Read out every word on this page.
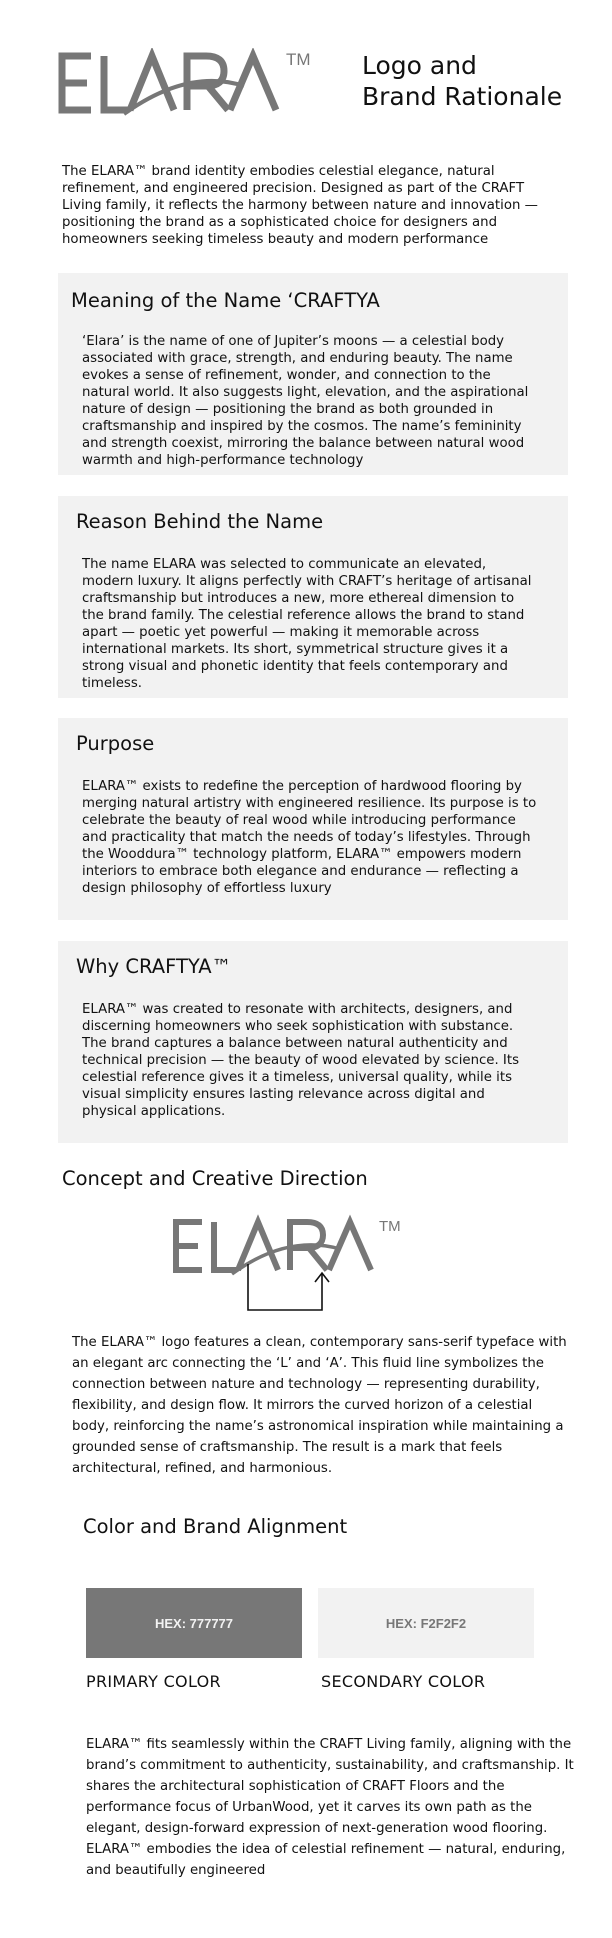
TM Logo and
Brand Rationale
The ELARA™ brand identity embodies celestial elegance, natural refinement, and engineered precision. Designed as part of the CRAFT Living family, it reflects the harmony between nature and innovation — positioning the brand as a sophisticated choice for designers and homeowners seeking timeless beauty and modern performance
Meaning of the Name ‘CRAFTYA

‘Elara’ is the name of one of Jupiter’s moons — a celestial body associated with grace, strength, and enduring beauty. The name evokes a sense of refinement, wonder, and connection to the natural world. It also suggests light, elevation, and the aspirational nature of design — positioning the brand as both grounded in craftsmanship and inspired by the cosmos. The name’s femininity and strength coexist, mirroring the balance between natural wood warmth and high-performance technology

Reason Behind the Name

The name ELARA was selected to communicate an elevated, modern luxury. It aligns perfectly with CRAFT’s heritage of artisanal craftsmanship but introduces a new, more ethereal dimension to the brand family. The celestial reference allows the brand to stand apart — poetic yet powerful — making it memorable across international markets. Its short, symmetrical structure gives it a strong visual and phonetic identity that feels contemporary and timeless.

Purpose

ELARA™ exists to redefine the perception of hardwood flooring by merging natural artistry with engineered resilience. Its purpose is to celebrate the beauty of real wood while introducing performance and practicality that match the needs of today’s lifestyles. Through the Wooddura™ technology platform, ELARA™ empowers modern interiors to embrace both elegance and endurance — reflecting a design philosophy of effortless luxury

Why CRAFTYA™

ELARA™ was created to resonate with architects, designers, and discerning homeowners who seek sophistication with substance. The brand captures a balance between natural authenticity and technical precision — the beauty of wood elevated by science. Its celestial reference gives it a timeless, universal quality, while its visual simplicity ensures lasting relevance across digital and physical applications.

Concept and Creative Direction
TM
The ELARA™ logo features a clean, contemporary sans-serif typeface with an elegant arc connecting the ‘L’ and ‘A’. This fluid line symbolizes the connection between nature and technology — representing durability, flexibility, and design flow. It mirrors the curved horizon of a celestial body, reinforcing the name’s astronomical inspiration while maintaining a grounded sense of craftsmanship. The result is a mark that feels architectural, refined, and harmonious.
Color and Brand Alignment
HEX: 777777	HEX: F2F2F2
PRIMARY COLOR	SECONDARY COLOR
ELARA™ fits seamlessly within the CRAFT Living family, aligning with the brand’s commitment to authenticity, sustainability, and craftsmanship. It shares the architectural sophistication of CRAFT Floors and the performance focus of UrbanWood, yet it carves its own path as the elegant, design-forward expression of next-generation wood flooring. ELARA™ embodies the idea of celestial refinement — natural, enduring, and beautifully engineered
